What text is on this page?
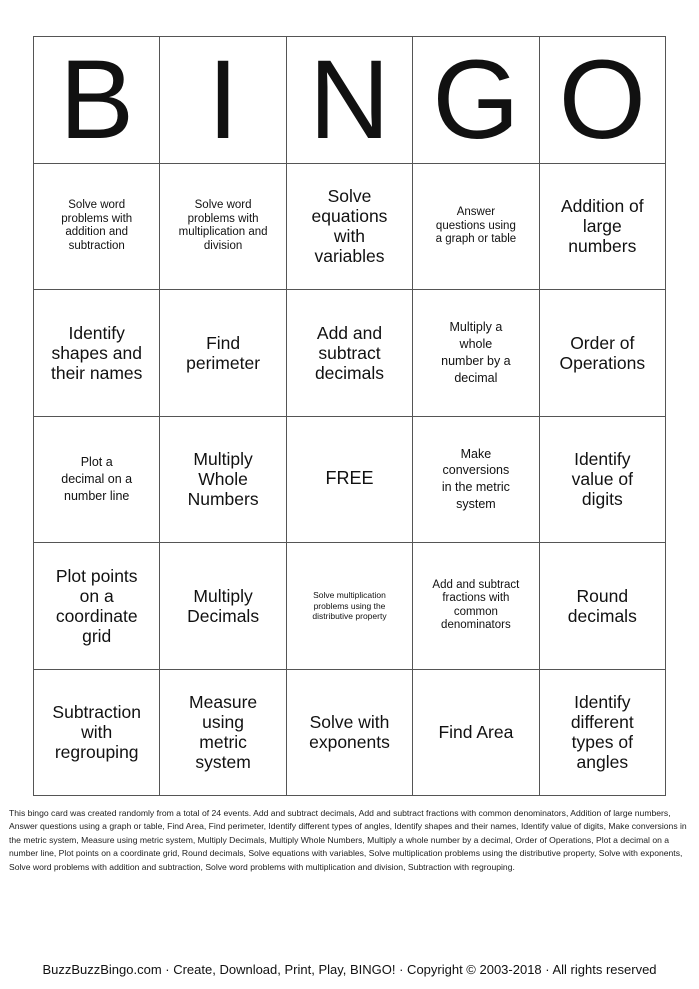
B I N G O
Solve word problems with addition and subtraction
Solve word problems with multiplication and division
Solve equations with variables
Answer questions using a graph or table
Addition of large numbers
Identify shapes and their names
Find perimeter
Add and subtract decimals
Multiply a whole number by a decimal
Order of Operations
Plot a decimal on a number line
Multiply Whole Numbers
FREE
Make conversions in the metric system
Identify value of digits
Plot points on a coordinate grid
Multiply Decimals
Solve multiplication problems using the distributive property
Add and subtract fractions with common denominators
Round decimals
Subtraction with regrouping
Measure using metric system
Solve with exponents
Find Area
Identify different types of angles
This bingo card was created randomly from a total of 24 events. Add and subtract decimals, Add and subtract fractions with common denominators, Addition of large numbers, Answer questions using a graph or table, Find Area, Find perimeter, Identify different types of angles, Identify shapes and their names, Identify value of digits, Make conversions in the metric system, Measure using metric system, Multiply Decimals, Multiply Whole Numbers, Multiply a whole number by a decimal, Order of Operations, Plot a decimal on a number line, Plot points on a coordinate grid, Round decimals, Solve equations with variables, Solve multiplication problems using the distributive property, Solve with exponents, Solve word problems with addition and subtraction, Solve word problems with multiplication and division, Subtraction with regrouping.
BuzzBuzzBingo.com · Create, Download, Print, Play, BINGO! · Copyright © 2003-2018 · All rights reserved
